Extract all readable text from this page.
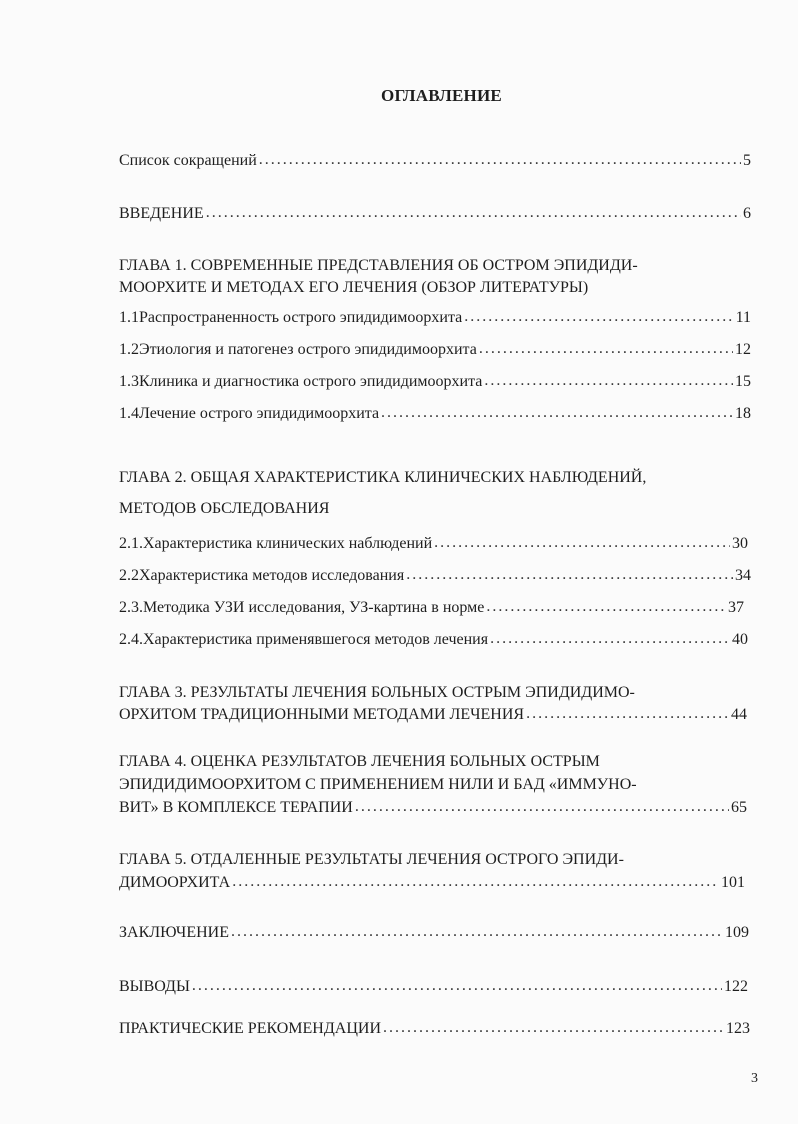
ОГЛАВЛЕНИЕ
Список сокращений .....	5
ВВЕДЕНИЕ .....	6
ГЛАВА 1. СОВРЕМЕННЫЕ ПРЕДСТАВЛЕНИЯ ОБ ОСТРОМ ЭПИДИДИ-
МООРХИТЕ И МЕТОДАХ ЕГО ЛЕЧЕНИЯ (ОБЗОР ЛИТЕРАТУРЫ)
1.1 Распространенность острого эпидидимоорхита .....	11
1.2 Этиология и патогенез острого эпидидимоорхита .....	12
1.3 Клиника и диагностика острого эпидидимоорхита .....	15
1.4 Лечение острого эпидидимоорхита .....	18
ГЛАВА 2. ОБЩАЯ ХАРАКТЕРИСТИКА КЛИНИЧЕСКИХ НАБЛЮДЕНИЙ,
МЕТОДОВ ОБСЛЕДОВАНИЯ
2.1. Характеристика клинических наблюдений .....	30
2.2 Характеристика методов исследования .....	34
2.3. Методика УЗИ исследования, УЗ-картина в норме .....	37
2.4. Характеристика применявшегося методов лечения .....	40
ГЛАВА 3. РЕЗУЛЬТАТЫ ЛЕЧЕНИЯ БОЛЬНЫХ ОСТРЫМ ЭПИДИДИМО-
ОРХИТОМ ТРАДИЦИОННЫМИ МЕТОДАМИ ЛЕЧЕНИЯ .....	44
ГЛАВА 4. ОЦЕНКА РЕЗУЛЬТАТОВ ЛЕЧЕНИЯ БОЛЬНЫХ ОСТРЫМ
ЭПИДИДИМООРХИТОМ С ПРИМЕНЕНИЕМ НИЛИ И БАД «ИММУНО-
ВИТ» В КОМПЛЕКСЕ ТЕРАПИИ .....	65
ГЛАВА 5. ОТДАЛЕННЫЕ РЕЗУЛЬТАТЫ ЛЕЧЕНИЯ ОСТРОГО ЭПИДИ-
ДИМООРХИТА .....	101
ЗАКЛЮЧЕНИЕ .....	109
ВЫВОДЫ .....	122
ПРАКТИЧЕСКИЕ РЕКОМЕНДАЦИИ .....	123
3
